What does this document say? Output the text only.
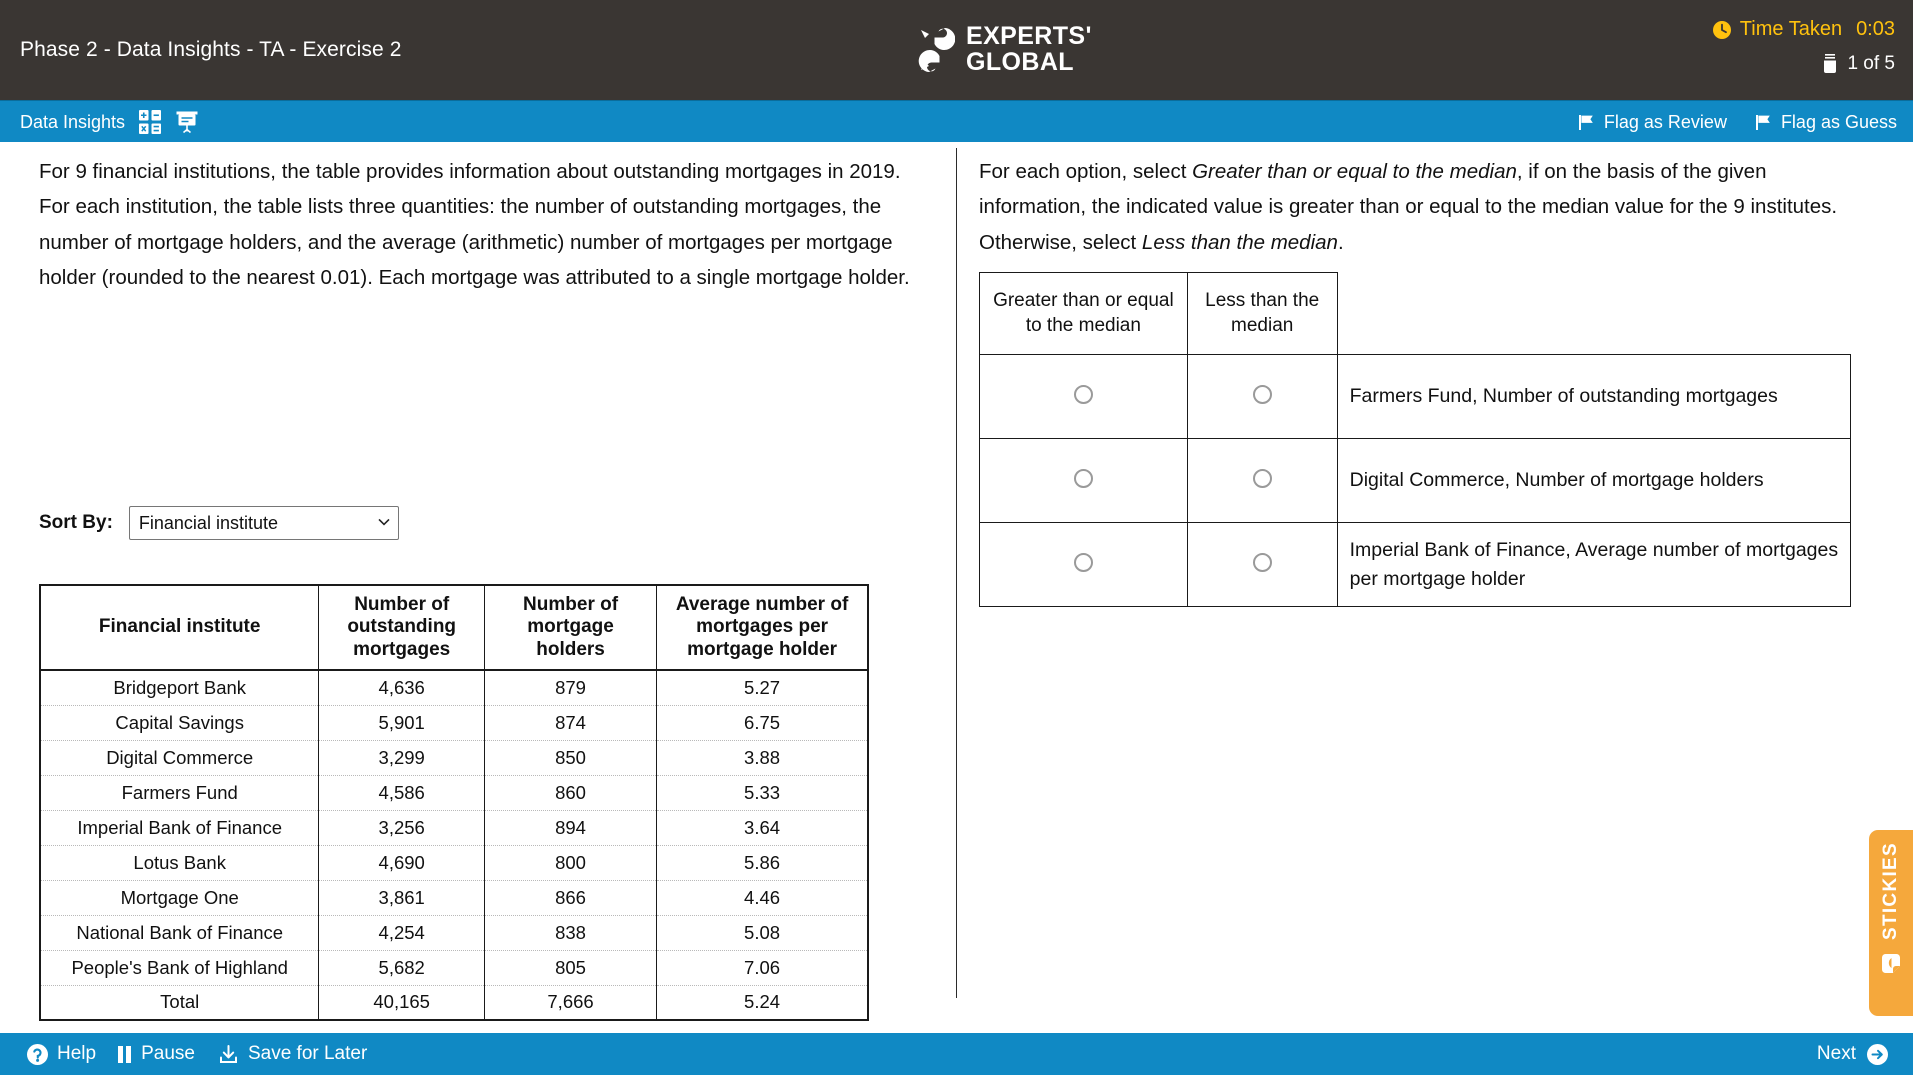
Phase 2 - Data Insights - TA - Exercise 2	EXPERTS'
GLOBAL
Time Taken 0:03
1 of 5
Data Insights	Flag as Review	Flag as Guess
For 9 financial institutions, the table provides information about outstanding mortgages in 2019. For each institution, the table lists three quantities: the number of outstanding mortgages, the number of mortgage holders, and the average (arithmetic) number of mortgages per mortgage holder (rounded to the nearest 0.01). Each mortgage was attributed to a single mortgage holder.
Sort By:
Financial institute
Financial institute	Number of outstanding mortgages	Number of mortgage holders	Average number of mortgages per mortgage holder
Bridgeport Bank	4,636	879	5.27
Capital Savings	5,901	874	6.75
Digital Commerce	3,299	850	3.88
Farmers Fund	4,586	860	5.33
Imperial Bank of Finance	3,256	894	3.64
Lotus Bank	4,690	800	5.86
Mortgage One	3,861	866	4.46
National Bank of Finance	4,254	838	5.08
People's Bank of Highland	5,682	805	7.06
Total	40,165	7,666	5.24
For each option, select Greater than or equal to the median, if on the basis of the given information, the indicated value is greater than or equal to the median value for the 9 institutes. Otherwise, select Less than the median.
Greater than or equal to the median	Less than the median	
		Farmers Fund, Number of outstanding mortgages
		Digital Commerce, Number of mortgage holders
		Imperial Bank of Finance, Average number of mortgages per mortgage holder
STICKIES
Help Pause	Save for Later	Next
